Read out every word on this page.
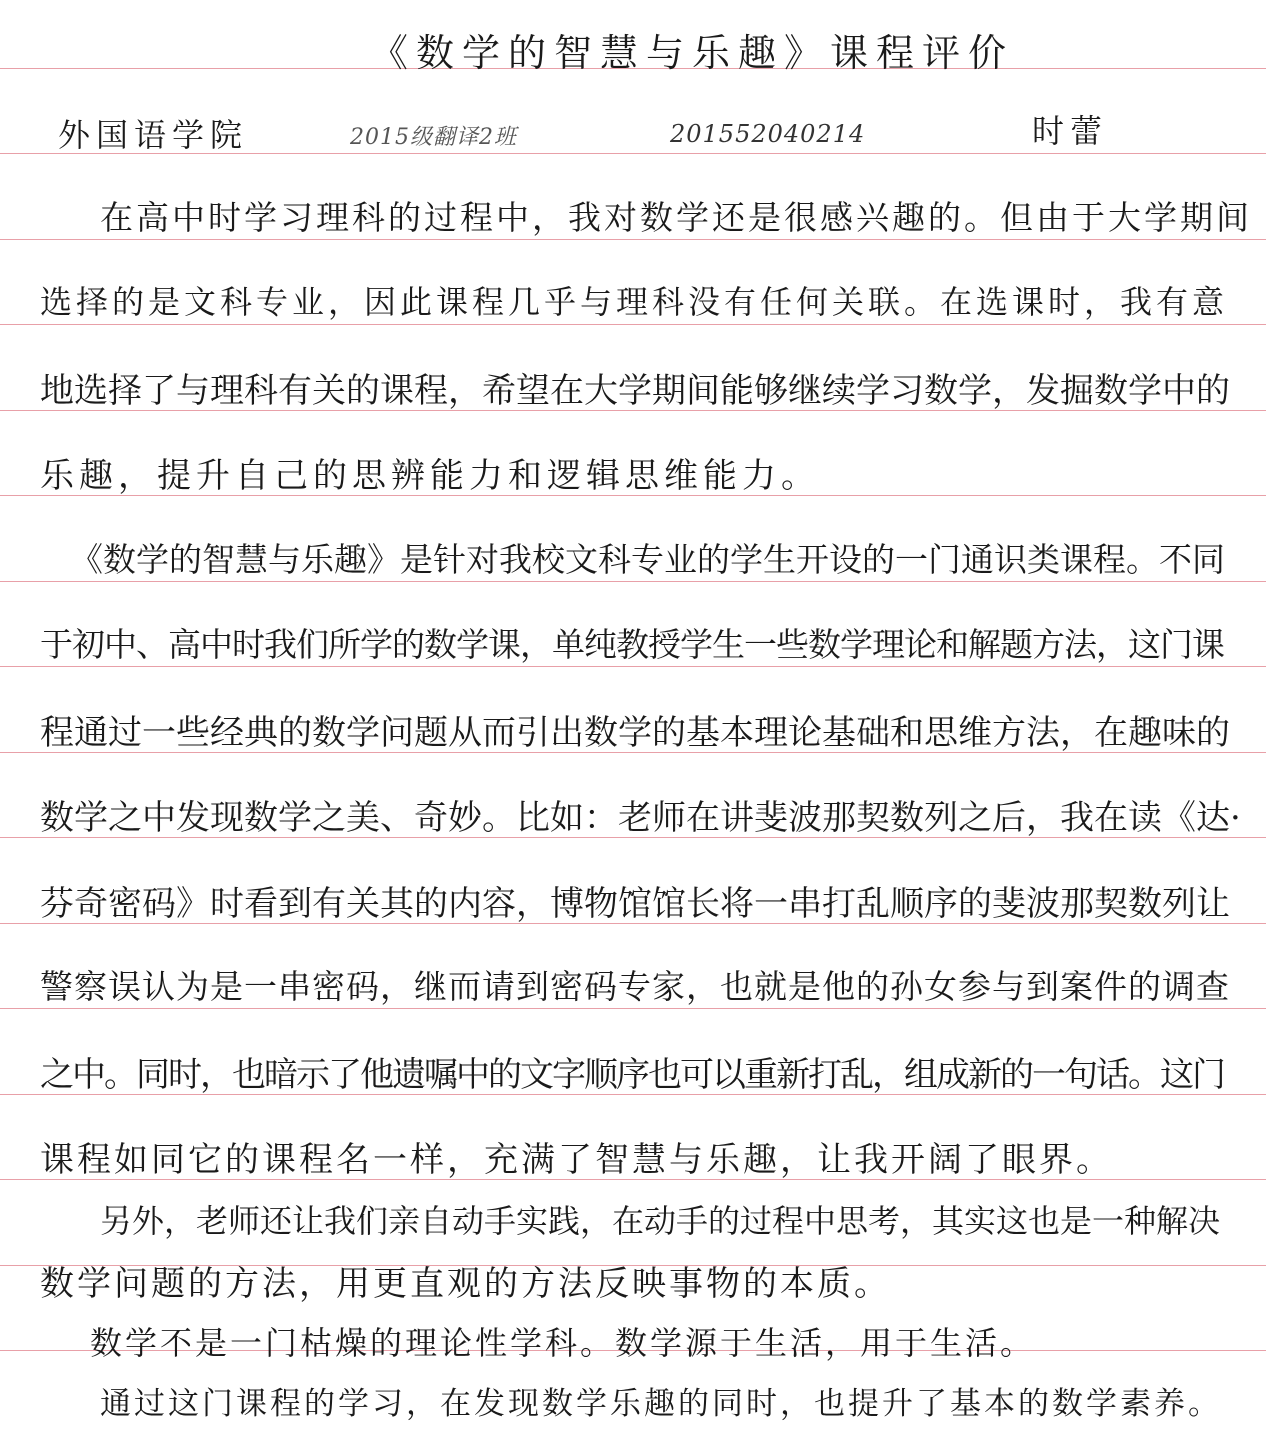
《数学的智慧与乐趣》课程评价
外国语学院	2015级翻译2班	201552040214	时蕾
在高中时学习理科的过程中，我对数学还是很感兴趣的。但由于大学期间
选择的是文科专业，因此课程几乎与理科没有任何关联。在选课时，我有意
地选择了与理科有关的课程，希望在大学期间能够继续学习数学，发掘数学中的
乐趣，提升自己的思辨能力和逻辑思维能力。
《数学的智慧与乐趣》是针对我校文科专业的学生开设的一门通识类课程。不同
于初中、高中时我们所学的数学课，单纯教授学生一些数学理论和解题方法，这门课
程通过一些经典的数学问题从而引出数学的基本理论基础和思维方法，在趣味的
数学之中发现数学之美、奇妙。比如：老师在讲斐波那契数列之后，我在读《达·
芬奇密码》时看到有关其的内容，博物馆馆长将一串打乱顺序的斐波那契数列让
警察误认为是一串密码，继而请到密码专家，也就是他的孙女参与到案件的调查
之中。同时，也暗示了他遗嘱中的文字顺序也可以重新打乱，组成新的一句话。这门
课程如同它的课程名一样，充满了智慧与乐趣，让我开阔了眼界。
另外，老师还让我们亲自动手实践，在动手的过程中思考，其实这也是一种解决
数学问题的方法，用更直观的方法反映事物的本质。
数学不是一门枯燥的理论性学科。数学源于生活，用于生活。
通过这门课程的学习，在发现数学乐趣的同时，也提升了基本的数学素养。
